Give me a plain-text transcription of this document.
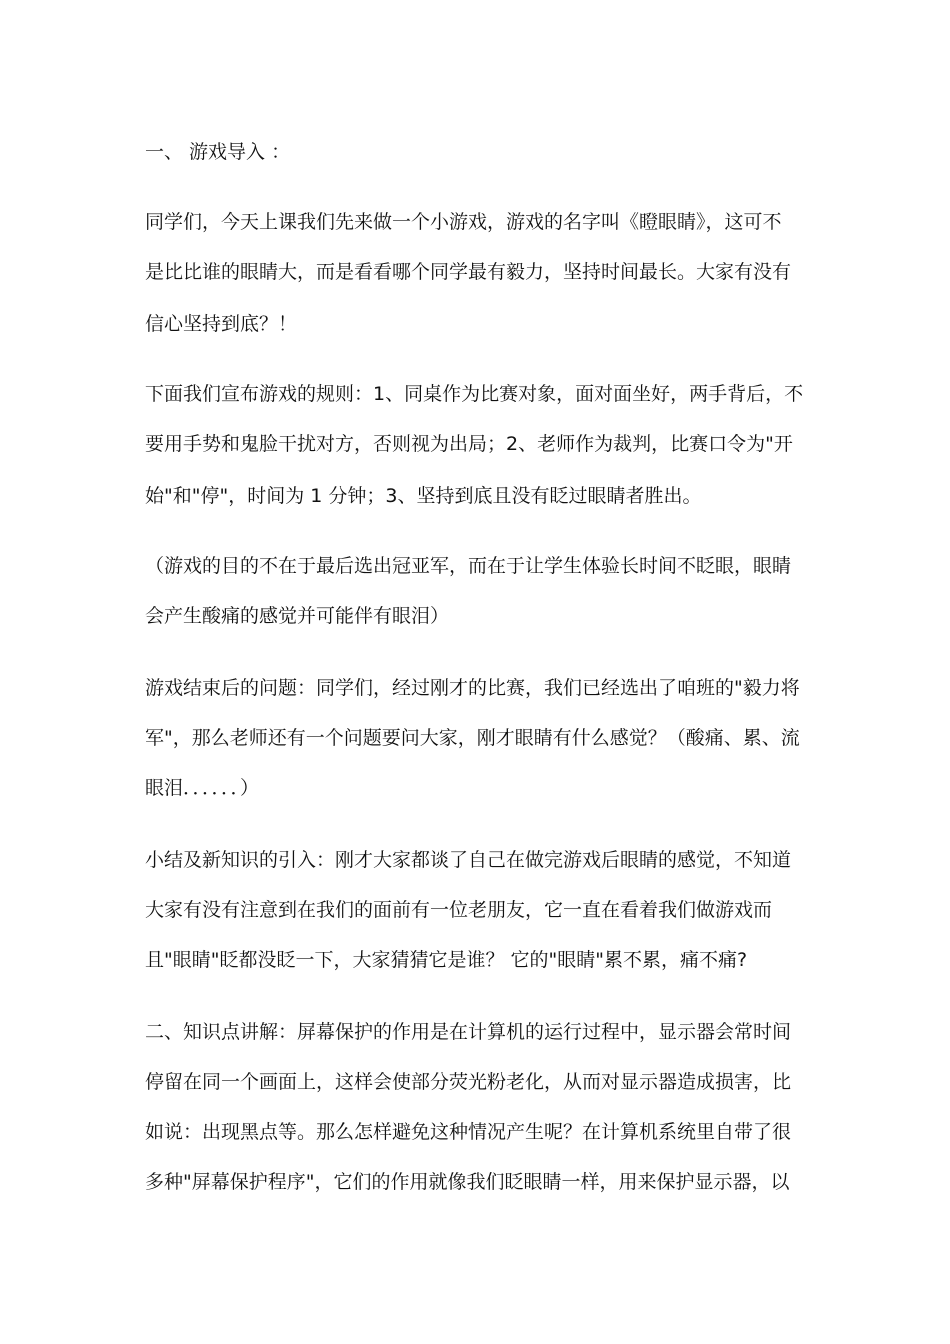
一、 游戏导入 ：
同学们，今天上课我们先来做一个小游戏，游戏的名字叫《瞪眼睛》，这可不
是比比谁的眼睛大，而是看看哪个同学最有毅力，坚持时间最长。大家有没有
信心坚持到底？！
下面我们宣布游戏的规则：1、同桌作为比赛对象，面对面坐好，两手背后，不
要用手势和鬼脸干扰对方，否则视为出局；2、老师作为裁判，比赛口令为"开
始"和"停"，时间为 1 分钟；3、坚持到底且没有眨过眼睛者胜出。
（游戏的目的不在于最后选出冠亚军，而在于让学生体验长时间不眨眼，眼睛
会产生酸痛的感觉并可能伴有眼泪）
游戏结束后的问题：同学们，经过刚才的比赛，我们已经选出了咱班的"毅力将
军"，那么老师还有一个问题要问大家，刚才眼睛有什么感觉？（酸痛、累、流
眼泪．．．．．．）
小结及新知识的引入：刚才大家都谈了自己在做完游戏后眼睛的感觉，不知道
大家有没有注意到在我们的面前有一位老朋友，它一直在看着我们做游戏而
且"眼睛"眨都没眨一下，大家猜猜它是谁？ 它的"眼睛"累不累，痛不痛?
二、知识点讲解：屏幕保护的作用是在计算机的运行过程中，显示器会常时间
停留在同一个画面上，这样会使部分荧光粉老化，从而对显示器造成损害，比
如说：出现黑点等。那么怎样避免这种情况产生呢？在计算机系统里自带了很
多种"屏幕保护程序"，它们的作用就像我们眨眼睛一样，用来保护显示器，以
